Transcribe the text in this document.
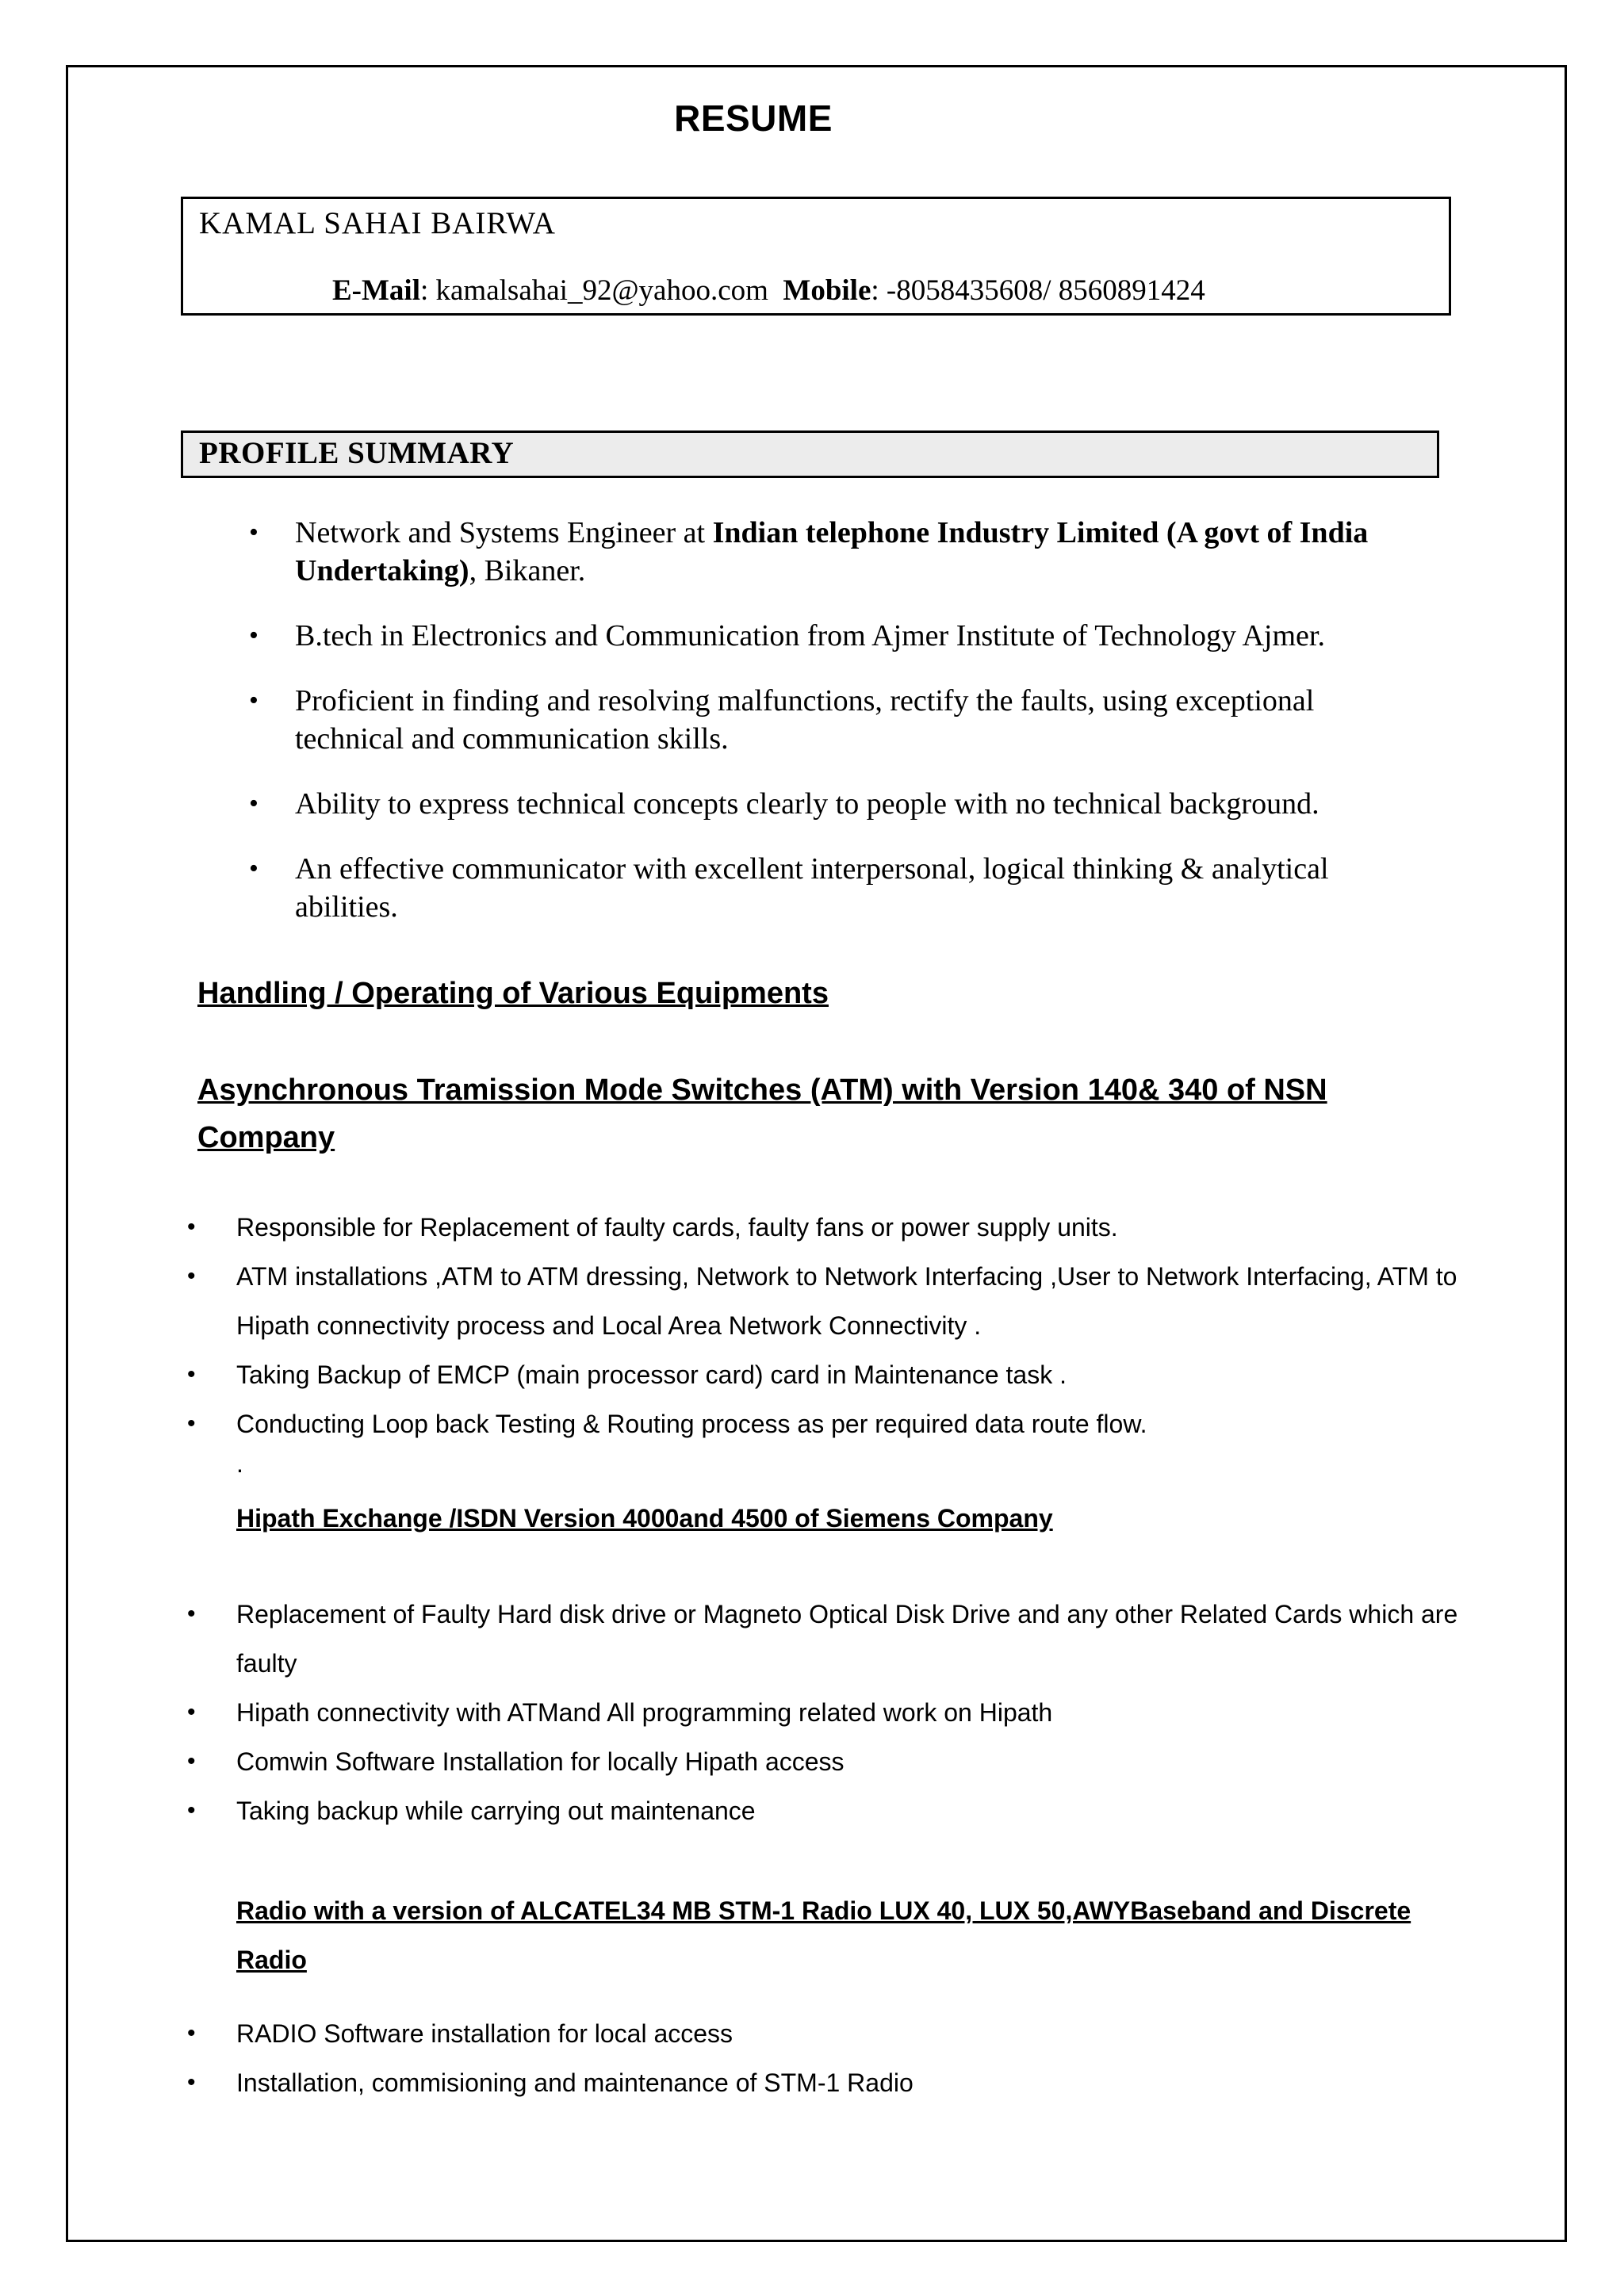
RESUME
KAMAL SAHAI BAIRWA
E-Mail: kamalsahai_92@yahoo.com Mobile: -8058435608/ 8560891424
PROFILE SUMMARY
• Network and Systems Engineer at Indian telephone Industry Limited (A govt of India Undertaking), Bikaner.
• B.tech in Electronics and Communication from Ajmer Institute of Technology Ajmer.
• Proficient in finding and resolving malfunctions, rectify the faults, using exceptional technical and communication skills.
• Ability to express technical concepts clearly to people with no technical background.
• An effective communicator with excellent interpersonal, logical thinking & analytical abilities.
Handling / Operating of Various Equipments
Asynchronous Tramission Mode Switches (ATM) with Version 140& 340 of NSN Company
• Responsible for Replacement of faulty cards, faulty fans or power supply units.
• ATM installations ,ATM to ATM dressing, Network to Network Interfacing ,User to Network Interfacing, ATM to Hipath connectivity process and Local Area Network Connectivity .
• Taking Backup of EMCP (main processor card) card in Maintenance task .
• Conducting Loop back Testing & Routing process as per required data route flow.
.
Hipath Exchange /ISDN Version 4000and 4500 of Siemens Company
• Replacement of Faulty Hard disk drive or Magneto Optical Disk Drive and any other Related Cards which are faulty
• Hipath connectivity with ATMand All programming related work on Hipath
• Comwin Software Installation for locally Hipath access
• Taking backup while carrying out maintenance
Radio with a version of ALCATEL34 MB STM-1 Radio LUX 40, LUX 50,AWYBaseband and Discrete Radio
• RADIO Software installation for local access
• Installation, commisioning and maintenance of STM-1 Radio
